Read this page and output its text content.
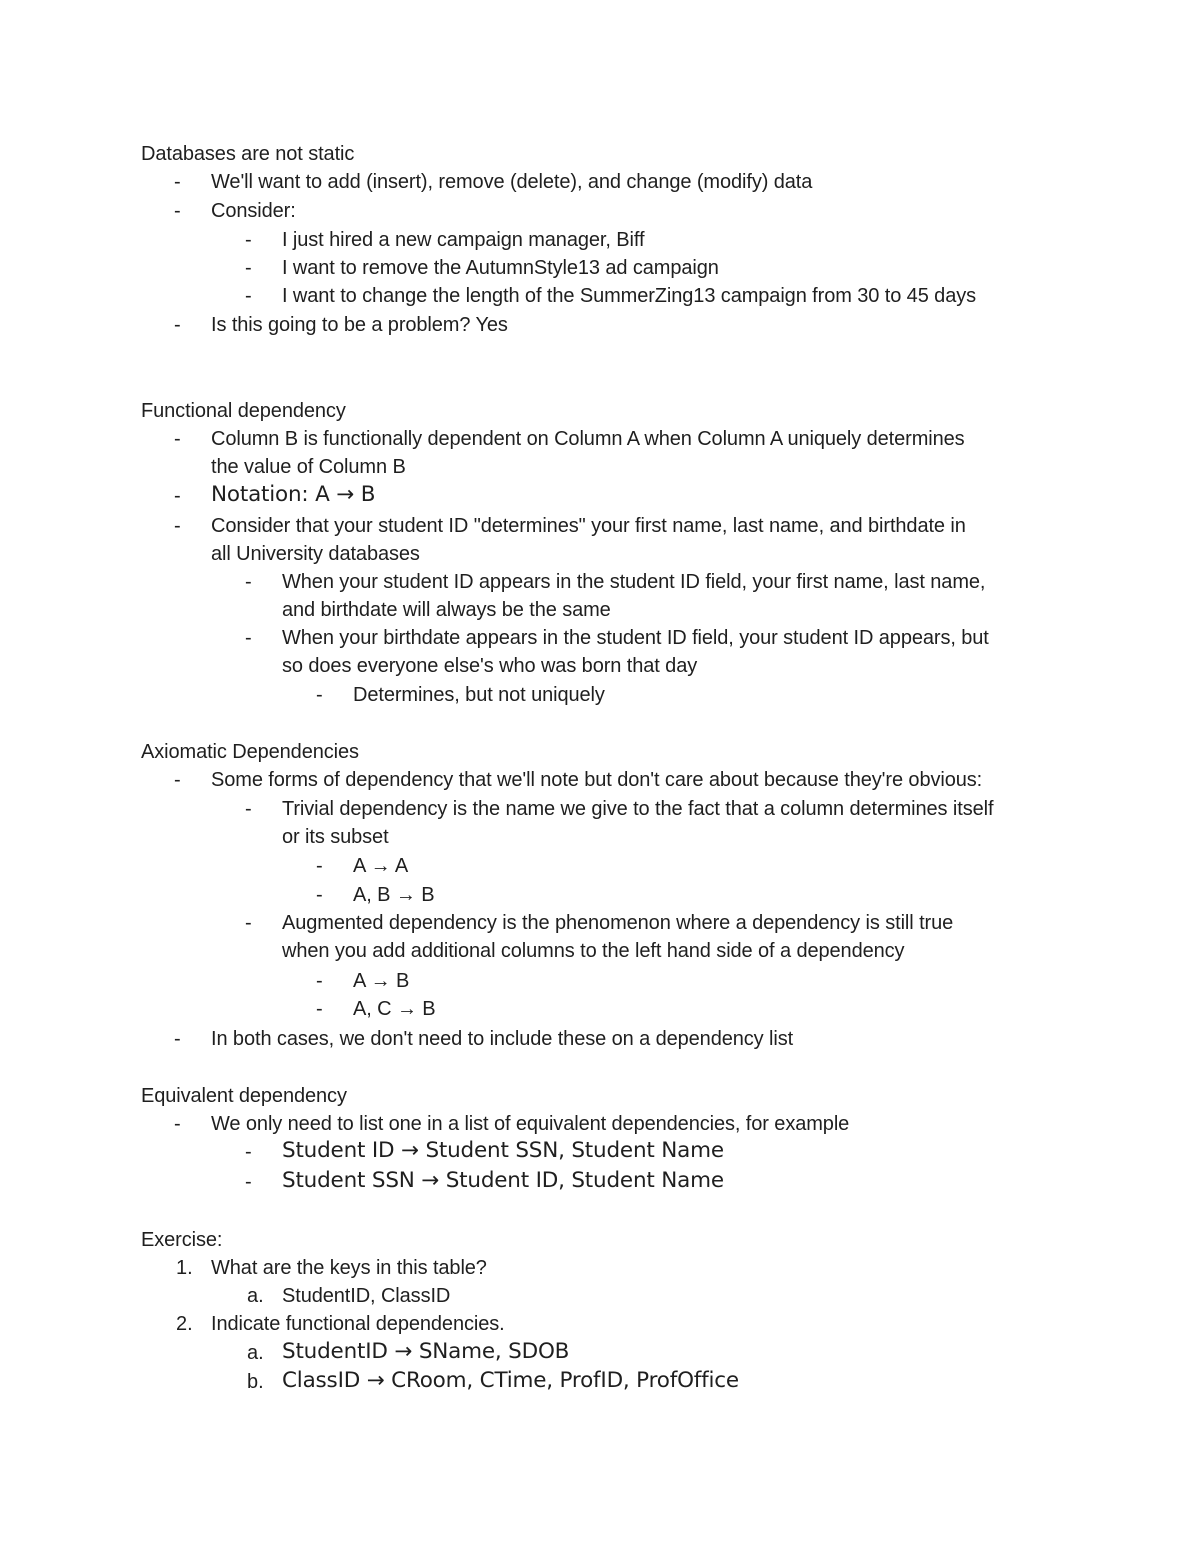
Databases are not static
- We'll want to add (insert), remove (delete), and change (modify) data
- Consider:
- I just hired a new campaign manager, Biff
- I want to remove the AutumnStyle13 ad campaign
- I want to change the length of the SummerZing13 campaign from 30 to 45 days
- Is this going to be a problem? Yes
Functional dependency
- Column B is functionally dependent on Column A when Column A uniquely determines
the value of Column B
- Notation: A → B
- Consider that your student ID "determines" your first name, last name, and birthdate in
all University databases
- When your student ID appears in the student ID field, your first name, last name,
and birthdate will always be the same
- When your birthdate appears in the student ID field, your student ID appears, but
so does everyone else's who was born that day
- Determines, but not uniquely
Axiomatic Dependencies
- Some forms of dependency that we'll note but don't care about because they're obvious:
- Trivial dependency is the name we give to the fact that a column determines itself
or its subset
- A → A
- A, B → B
- Augmented dependency is the phenomenon where a dependency is still true
when you add additional columns to the left hand side of a dependency
- A → B
- A, C → B
- In both cases, we don't need to include these on a dependency list
Equivalent dependency
- We only need to list one in a list of equivalent dependencies, for example
- Student ID → Student SSN, Student Name
- Student SSN → Student ID, Student Name
Exercise:
1. What are the keys in this table?
a. StudentID, ClassID
2. Indicate functional dependencies.
a. StudentID → SName, SDOB
b. ClassID → CRoom, CTime, ProfID, ProfOffice
